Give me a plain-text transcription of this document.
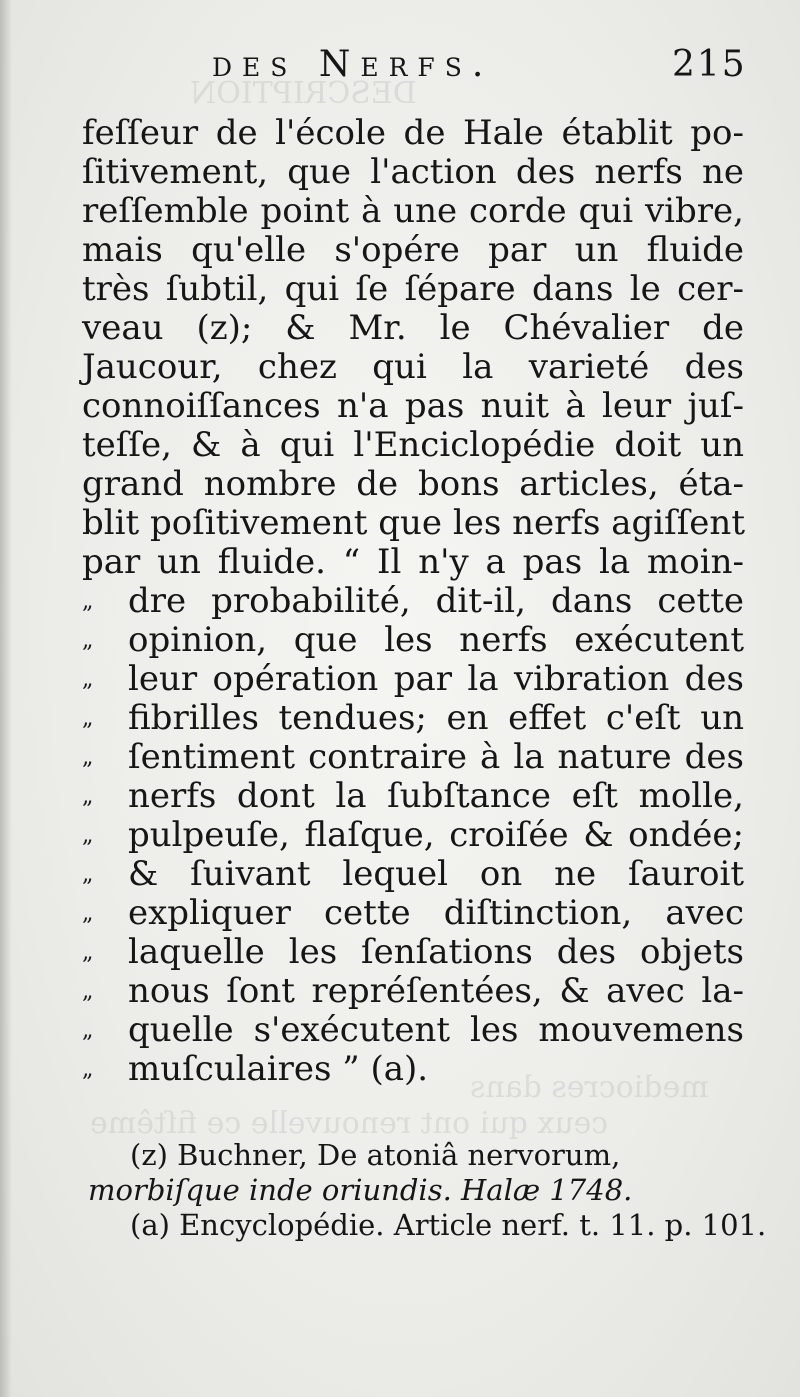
DESCRIPTION
mediocres dans
ceux qui ont renouvelle ce fiſtême
des Nerfs.	215
feſſeur de l'école de Hale établit po-
ſitivement, que l'action des nerfs ne
reſſemble point à une corde qui vibre,
mais qu'elle s'opére par un fluide
très ſubtil, qui ſe ſépare dans le cer-
veau (z); & Mr. le Chévalier de
Jaucour, chez qui la varieté des
connoiſſances n'a pas nuit à leur juſ-
teſſe, & à qui l'Enciclopédie doit un
grand nombre de bons articles, éta-
blit poſitivement que les nerfs agiſſent
par un fluide. “ Il n'y a pas la moin-
„	dre probabilité, dit-il, dans cette
„	opinion, que les nerfs exécutent
„	leur opération par la vibration des
„	fibrilles tendues; en effet c'eſt un
„	ſentiment contraire à la nature des
„	nerfs dont la ſubſtance eſt molle,
„	pulpeuſe, flaſque, croiſée & ondée;
„	& ſuivant lequel on ne ſauroit
„	expliquer cette diſtinction, avec
„	laquelle les ſenſations des objets
„	nous ſont repréſentées, & avec la-
„	quelle s'exécutent les mouvemens
„	muſculaires ” (a).
(z) Buchner, De atoniâ nervorum,
morbiſque inde oriundis. Halæ 1748.
(a) Encyclopédie. Article nerf. t. 11. p. 101.
